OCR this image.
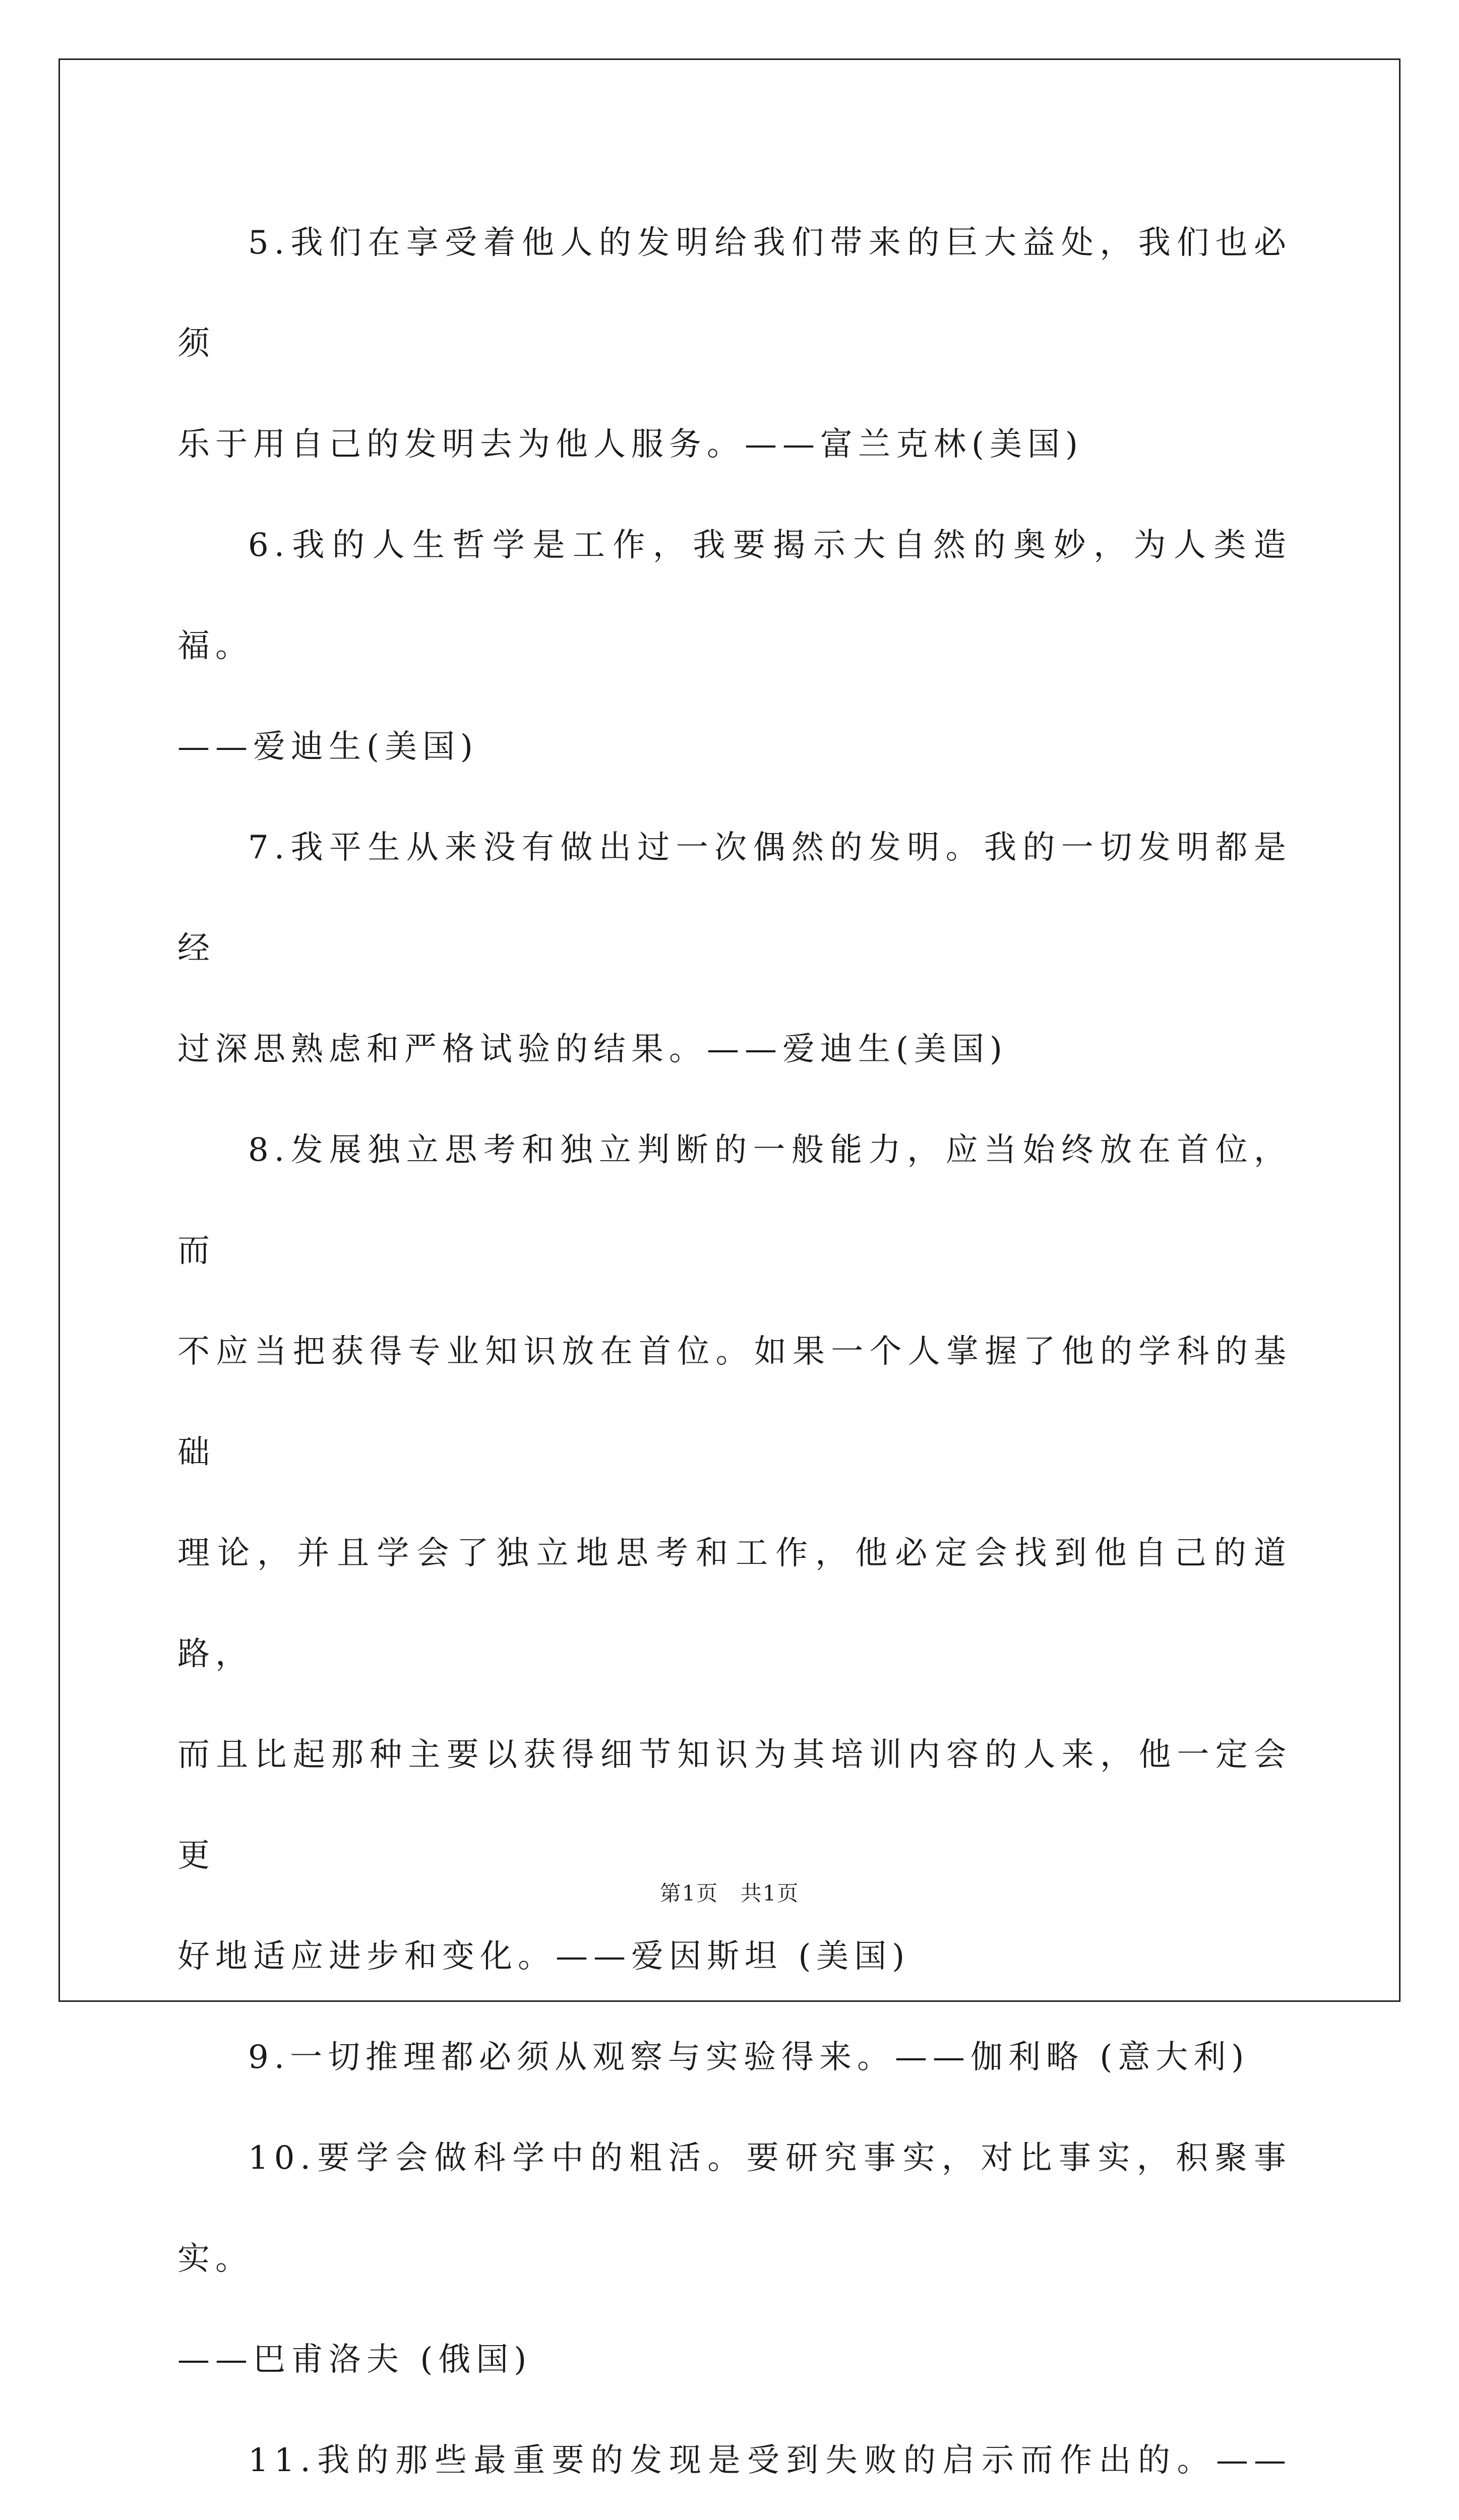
5.我们在享受着他人的发明给我们带来的巨大益处，我们也必须
乐于用自己的发明去为他人服务。——富兰克林(美国)
6.我的人生哲学是工作，我要揭示大自然的奥妙，为人类造福。
——爱迪生(美国)
7.我平生从来没有做出过一次偶然的发明。我的一切发明都是经
过深思熟虑和严格试验的结果。——爱迪生(美国)
8.发展独立思考和独立判断的一般能力，应当始终放在首位，而
不应当把获得专业知识放在首位。如果一个人掌握了他的学科的基础
理论，并且学会了独立地思考和工作，他必定会找到他自己的道路，
而且比起那种主要以获得细节知识为其培训内容的人来，他一定会更
好地适应进步和变化。——爱因斯坦 (美国)
9.一切推理都必须从观察与实验得来。——伽利略 (意大利)
10.要学会做科学中的粗活。要研究事实，对比事实，积聚事实。
——巴甫洛夫 (俄国)
11.我的那些最重要的发现是受到失败的启示而作出的。——
第1页 共1页
